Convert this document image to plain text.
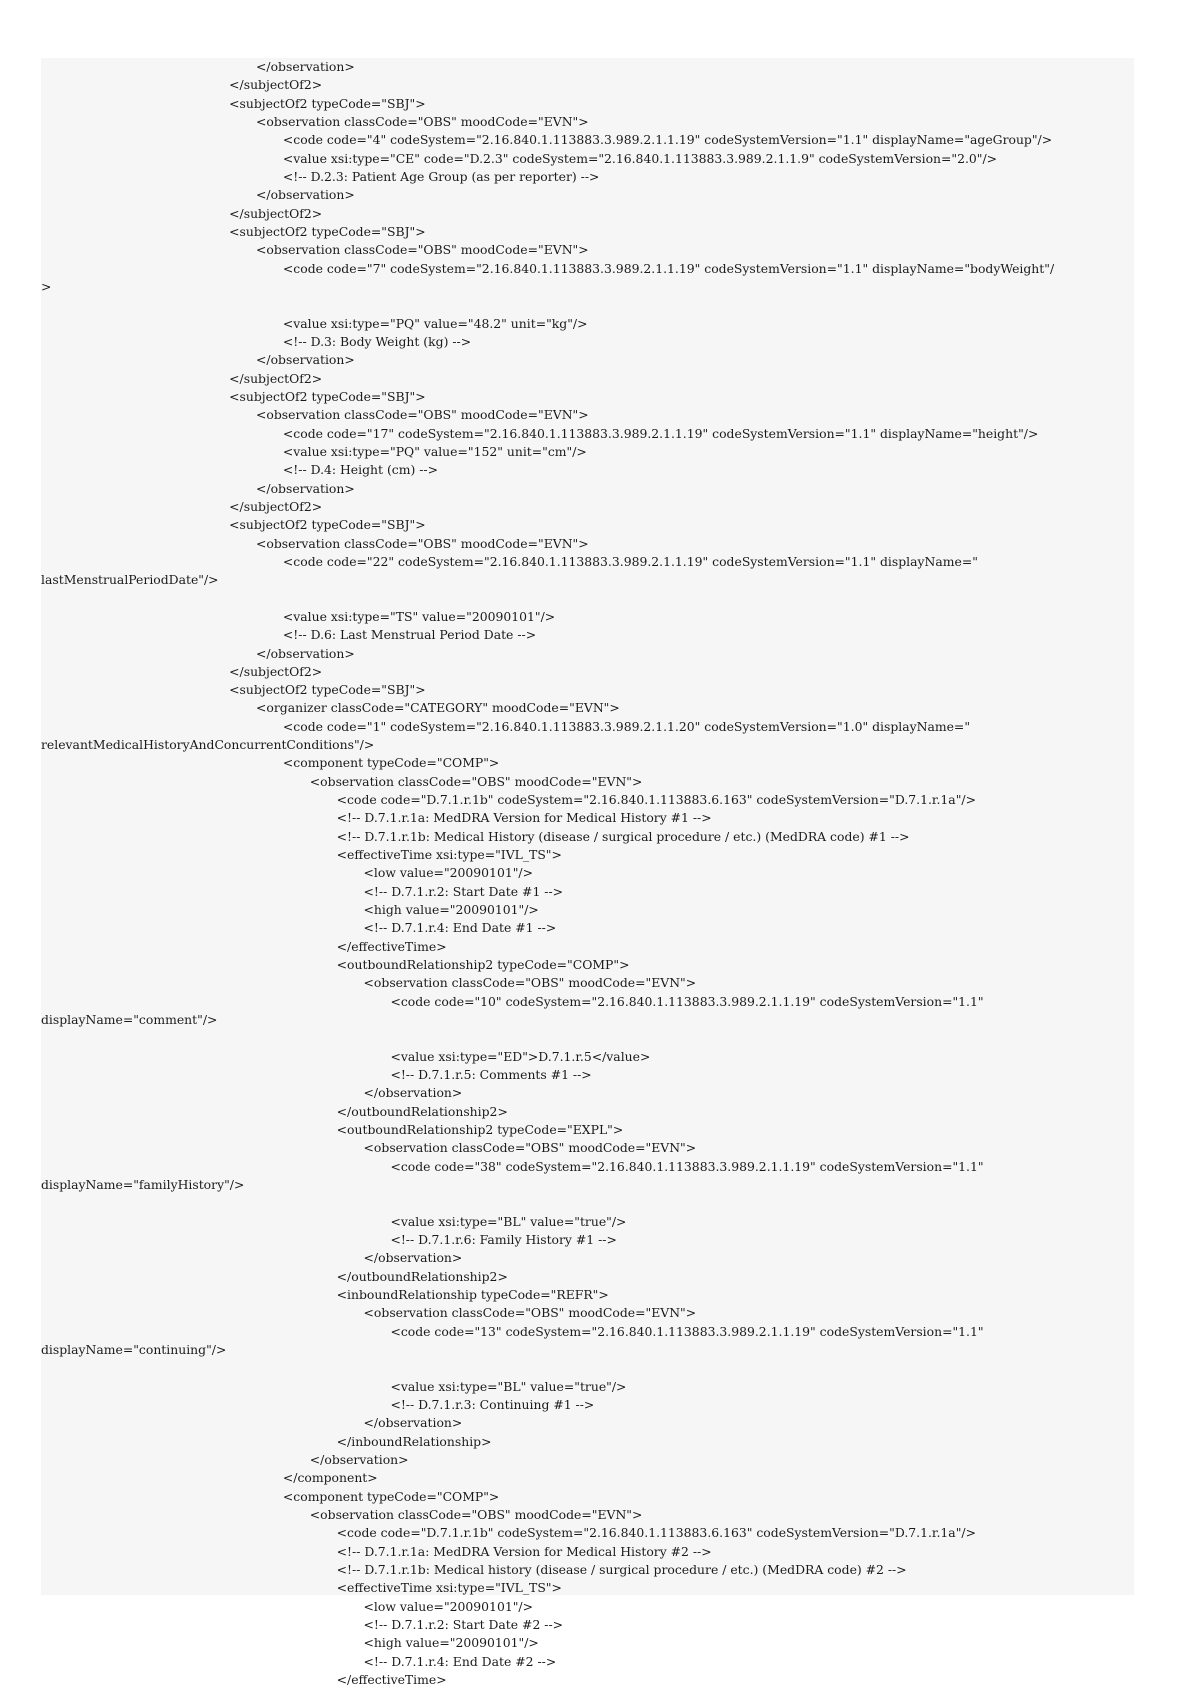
</observation>
</subjectOf2>
<subjectOf2 typeCode="SBJ">
<observation classCode="OBS" moodCode="EVN">
<code code="4" codeSystem="2.16.840.1.113883.3.989.2.1.1.19" codeSystemVersion="1.1" displayName="ageGroup"/>
<value xsi:type="CE" code="D.2.3" codeSystem="2.16.840.1.113883.3.989.2.1.1.9" codeSystemVersion="2.0"/>
<!-- D.2.3: Patient Age Group (as per reporter) -->
</observation>
</subjectOf2>
<subjectOf2 typeCode="SBJ">
<observation classCode="OBS" moodCode="EVN">
<code code="7" codeSystem="2.16.840.1.113883.3.989.2.1.1.19" codeSystemVersion="1.1" displayName="bodyWeight"/
>
<value xsi:type="PQ" value="48.2" unit="kg"/>
<!-- D.3: Body Weight (kg) -->
</observation>
</subjectOf2>
<subjectOf2 typeCode="SBJ">
<observation classCode="OBS" moodCode="EVN">
<code code="17" codeSystem="2.16.840.1.113883.3.989.2.1.1.19" codeSystemVersion="1.1" displayName="height"/>
<value xsi:type="PQ" value="152" unit="cm"/>
<!-- D.4: Height (cm) -->
</observation>
</subjectOf2>
<subjectOf2 typeCode="SBJ">
<observation classCode="OBS" moodCode="EVN">
<code code="22" codeSystem="2.16.840.1.113883.3.989.2.1.1.19" codeSystemVersion="1.1" displayName="
lastMenstrualPeriodDate"/>
<value xsi:type="TS" value="20090101"/>
<!-- D.6: Last Menstrual Period Date -->
</observation>
</subjectOf2>
<subjectOf2 typeCode="SBJ">
<organizer classCode="CATEGORY" moodCode="EVN">
<code code="1" codeSystem="2.16.840.1.113883.3.989.2.1.1.20" codeSystemVersion="1.0" displayName="
relevantMedicalHistoryAndConcurrentConditions"/>
<component typeCode="COMP">
<observation classCode="OBS" moodCode="EVN">
<code code="D.7.1.r.1b" codeSystem="2.16.840.1.113883.6.163" codeSystemVersion="D.7.1.r.1a"/>
<!-- D.7.1.r.1a: MedDRA Version for Medical History #1 -->
<!-- D.7.1.r.1b: Medical History (disease / surgical procedure / etc.) (MedDRA code) #1 -->
<effectiveTime xsi:type="IVL_TS">
<low value="20090101"/>
<!-- D.7.1.r.2: Start Date #1 -->
<high value="20090101"/>
<!-- D.7.1.r.4: End Date #1 -->
</effectiveTime>
<outboundRelationship2 typeCode="COMP">
<observation classCode="OBS" moodCode="EVN">
<code code="10" codeSystem="2.16.840.1.113883.3.989.2.1.1.19" codeSystemVersion="1.1"
displayName="comment"/>
<value xsi:type="ED">D.7.1.r.5</value>
<!-- D.7.1.r.5: Comments #1 -->
</observation>
</outboundRelationship2>
<outboundRelationship2 typeCode="EXPL">
<observation classCode="OBS" moodCode="EVN">
<code code="38" codeSystem="2.16.840.1.113883.3.989.2.1.1.19" codeSystemVersion="1.1"
displayName="familyHistory"/>
<value xsi:type="BL" value="true"/>
<!-- D.7.1.r.6: Family History #1 -->
</observation>
</outboundRelationship2>
<inboundRelationship typeCode="REFR">
<observation classCode="OBS" moodCode="EVN">
<code code="13" codeSystem="2.16.840.1.113883.3.989.2.1.1.19" codeSystemVersion="1.1"
displayName="continuing"/>
<value xsi:type="BL" value="true"/>
<!-- D.7.1.r.3: Continuing #1 -->
</observation>
</inboundRelationship>
</observation>
</component>
<component typeCode="COMP">
<observation classCode="OBS" moodCode="EVN">
<code code="D.7.1.r.1b" codeSystem="2.16.840.1.113883.6.163" codeSystemVersion="D.7.1.r.1a"/>
<!-- D.7.1.r.1a: MedDRA Version for Medical History #2 -->
<!-- D.7.1.r.1b: Medical history (disease / surgical procedure / etc.) (MedDRA code) #2 -->
<effectiveTime xsi:type="IVL_TS">
<low value="20090101"/>
<!-- D.7.1.r.2: Start Date #2 -->
<high value="20090101"/>
<!-- D.7.1.r.4: End Date #2 -->
</effectiveTime>
